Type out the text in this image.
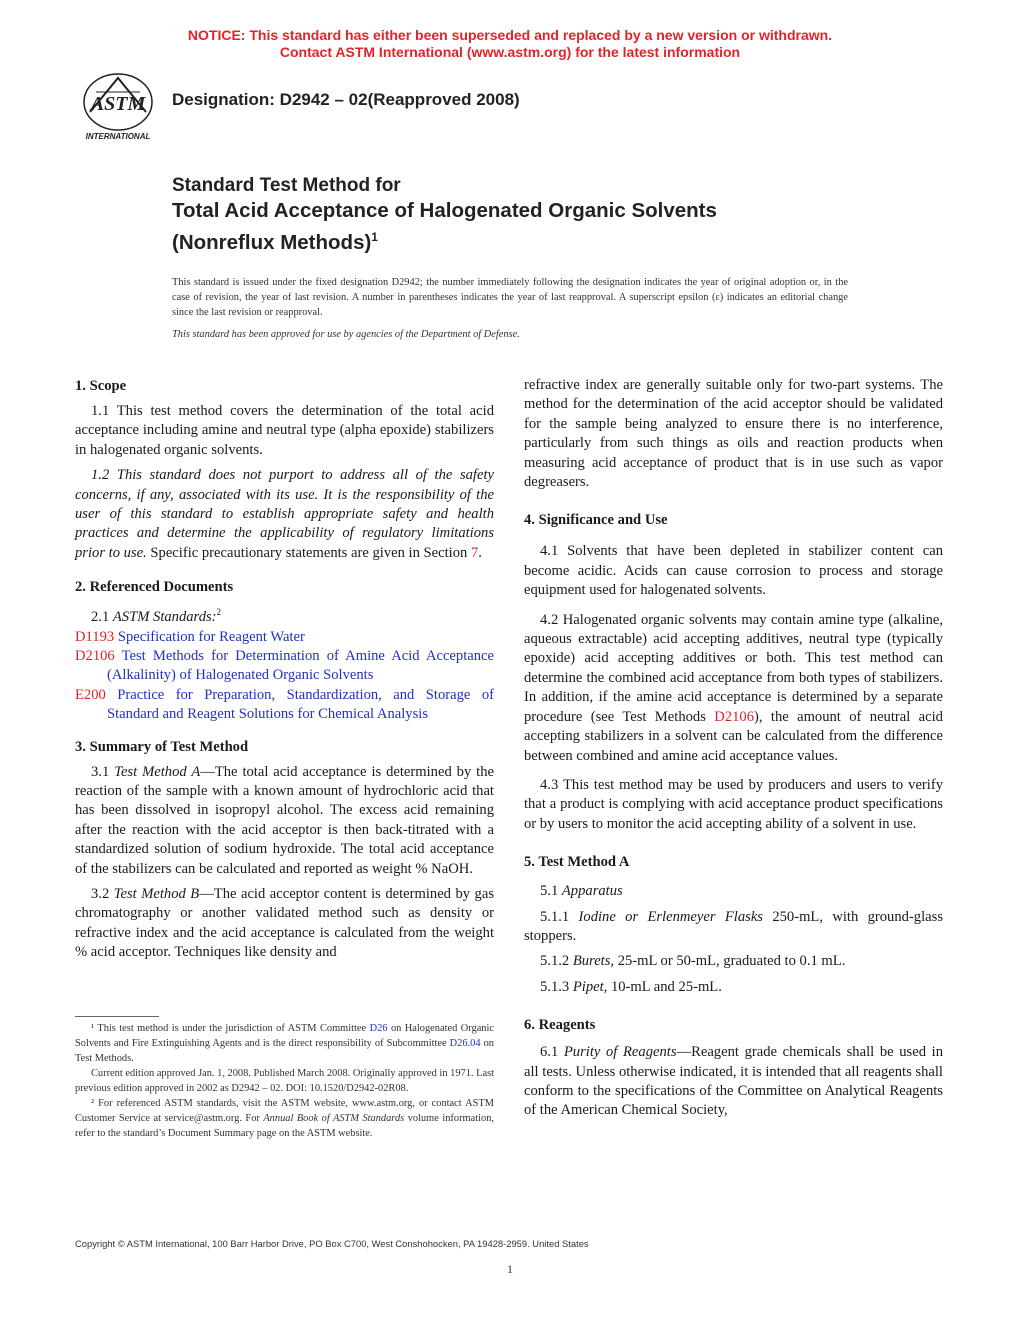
NOTICE: This standard has either been superseded and replaced by a new version or withdrawn.
Contact ASTM International (www.astm.org) for the latest information
ASTM
INTERNATIONAL
Designation: D2942 – 02(Reapproved 2008)
Standard Test Method for
Total Acid Acceptance of Halogenated Organic Solvents
(Nonreflux Methods)$^1$
This standard is issued under the fixed designation D2942; the number immediately following the designation indicates the year of original adoption or, in the case of revision, the year of last revision. A number in parentheses indicates the year of last reapproval. A superscript epsilon (ε) indicates an editorial change since the last revision or reapproval.
This standard has been approved for use by agencies of the Department of Defense.
1. Scope

1.1 This test method covers the determination of the total acid acceptance including amine and neutral type (alpha epoxide) stabilizers in halogenated organic solvents.

1.2 This standard does not purport to address all of the safety concerns, if any, associated with its use. It is the responsibility of the user of this standard to establish appropriate safety and health practices and determine the applicability of regulatory limitations prior to use. Specific precautionary statements are given in Section 7.

2. Referenced Documents

2.1 ASTM Standards:$^2$

D1193 Specification for Reagent Water

D2106 Test Methods for Determination of Amine Acid Acceptance (Alkalinity) of Halogenated Organic Solvents

E200 Practice for Preparation, Standardization, and Storage of Standard and Reagent Solutions for Chemical Analysis

3. Summary of Test Method

3.1 Test Method A—The total acid acceptance is determined by the reaction of the sample with a known amount of hydrochloric acid that has been dissolved in isopropyl alcohol. The excess acid remaining after the reaction with the acid acceptor is then back-titrated with a standardized solution of sodium hydroxide. The total acid acceptance of the stabilizers can be calculated and reported as weight % NaOH.

3.2 Test Method B—The acid acceptor content is determined by gas chromatography or another validated method such as density or refractive index and the acid acceptance is calculated from the weight % acid acceptor. Techniques like density and

¹ This test method is under the jurisdiction of ASTM Committee D26 on Halogenated Organic Solvents and Fire Extinguishing Agents and is the direct responsibility of Subcommittee D26.04 on Test Methods.

Current edition approved Jan. 1, 2008. Published March 2008. Originally approved in 1971. Last previous edition approved in 2002 as D2942 – 02. DOI: 10.1520/D2942-02R08.

² For referenced ASTM standards, visit the ASTM website, www.astm.org, or contact ASTM Customer Service at service@astm.org. For Annual Book of ASTM Standards volume information, refer to the standard’s Document Summary page on the ASTM website.

refractive index are generally suitable only for two-part systems. The method for the determination of the acid acceptor should be validated for the sample being analyzed to ensure there is no interference, particularly from such things as oils and reaction products when measuring acid acceptance of product that is in use such as vapor degreasers.

4. Significance and Use

4.1 Solvents that have been depleted in stabilizer content can become acidic. Acids can cause corrosion to process and storage equipment used for halogenated solvents.

4.2 Halogenated organic solvents may contain amine type (alkaline, aqueous extractable) acid accepting additives, neutral type (typically epoxide) acid accepting additives or both. This test method can determine the combined acid acceptance from both types of stabilizers. In addition, if the amine acid acceptance is determined by a separate procedure (see Test Methods D2106), the amount of neutral acid accepting stabilizers in a solvent can be calculated from the difference between combined and amine acid acceptance values.

4.3 This test method may be used by producers and users to verify that a product is complying with acid acceptance product specifications or by users to monitor the acid accepting ability of a solvent in use.

5. Test Method A

5.1 Apparatus

5.1.1 Iodine or Erlenmeyer Flasks 250-mL, with ground-glass stoppers.

5.1.2 Burets, 25-mL or 50-mL, graduated to 0.1 mL.

5.1.3 Pipet, 10-mL and 25-mL.

6. Reagents

6.1 Purity of Reagents—Reagent grade chemicals shall be used in all tests. Unless otherwise indicated, it is intended that all reagents shall conform to the specifications of the Committee on Analytical Reagents of the American Chemical Society,

Copyright © ASTM International, 100 Barr Harbor Drive, PO Box C700, West Conshohocken, PA 19428-2959. United States
1
